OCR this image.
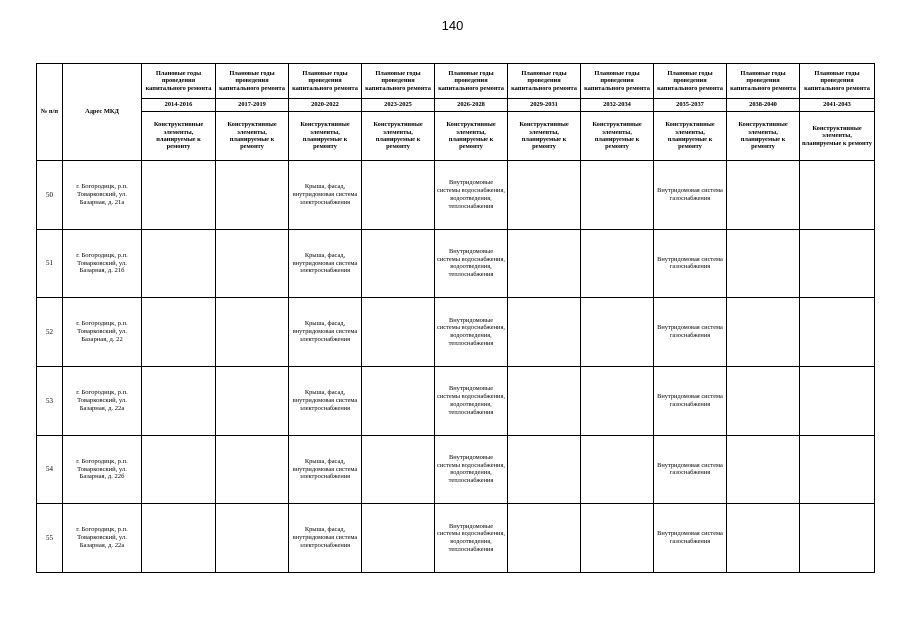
140
№ п/п	Адрес МКД	Плановые годы проведения капитального ремонта	Плановые годы проведения капитального ремонта	Плановые годы проведения капитального ремонта	Плановые годы проведения капитального ремонта	Плановые годы проведения капитального ремонта	Плановые годы проведения капитального ремонта	Плановые годы проведения капитального ремонта	Плановые годы проведения капитального ремонта	Плановые годы проведения капитального ремонта	Плановые годы проведения капитального ремонта
		2014-2016	2017-2019	2020-2022	2023-2025	2026-2028	2029-2031	2032-2034	2035-2037	2038-2040	2041-2043
		Конструктивные элементы, планируемые к ремонту	Конструктивные элементы, планируемые к ремонту	Конструктивные элементы, планируемые к ремонту	Конструктивные элементы, планируемые к ремонту	Конструктивные элементы, планируемые к ремонту	Конструктивные элементы, планируемые к ремонту	Конструктивные элементы, планируемые к ремонту	Конструктивные элементы, планируемые к ремонту	Конструктивные элементы, планируемые к ремонту	Конструктивные элементы, планируемые к ремонту
50	г. Богородицк, р.п. Товарковский, ул. Базарная, д. 21а			Крыша, фасад, внутридомовая система электроснабжения		Внутридомовые системы водоснабжения, водоотведения, теплоснабжения			Внутридомовая система газоснабжения		
51	г. Богородицк, р.п. Товарковский, ул. Базарная, д. 21б			Крыша, фасад, внутридомовая система электроснабжения		Внутридомовые системы водоснабжения, водоотведения, теплоснабжения			Внутридомовая система газоснабжения		
52	г. Богородицк, р.п. Товарковский, ул. Базарная, д. 22			Крыша, фасад, внутридомовая система электроснабжения		Внутридомовые системы водоснабжения, водоотведения, теплоснабжения			Внутридомовая система газоснабжения		
53	г. Богородицк, р.п. Товарковский, ул. Базарная, д. 22а			Крыша, фасад, внутридомовая система электроснабжения		Внутридомовые системы водоснабжения, водоотведения, теплоснабжения			Внутридомовая система газоснабжения		
54	г. Богородицк, р.п. Товарковский, ул. Базарная, д. 22б			Крыша, фасад, внутридомовая система электроснабжения		Внутридомовые системы водоснабжения, водоотведения, теплоснабжения			Внутридомовая система газоснабжения		
55	г. Богородицк, р.п. Товарковский, ул. Базарная, д. 22а			Крыша, фасад, внутридомовая система электроснабжения		Внутридомовые системы водоснабжения, водоотведения, теплоснабжения			Внутридомовая система газоснабжения		
